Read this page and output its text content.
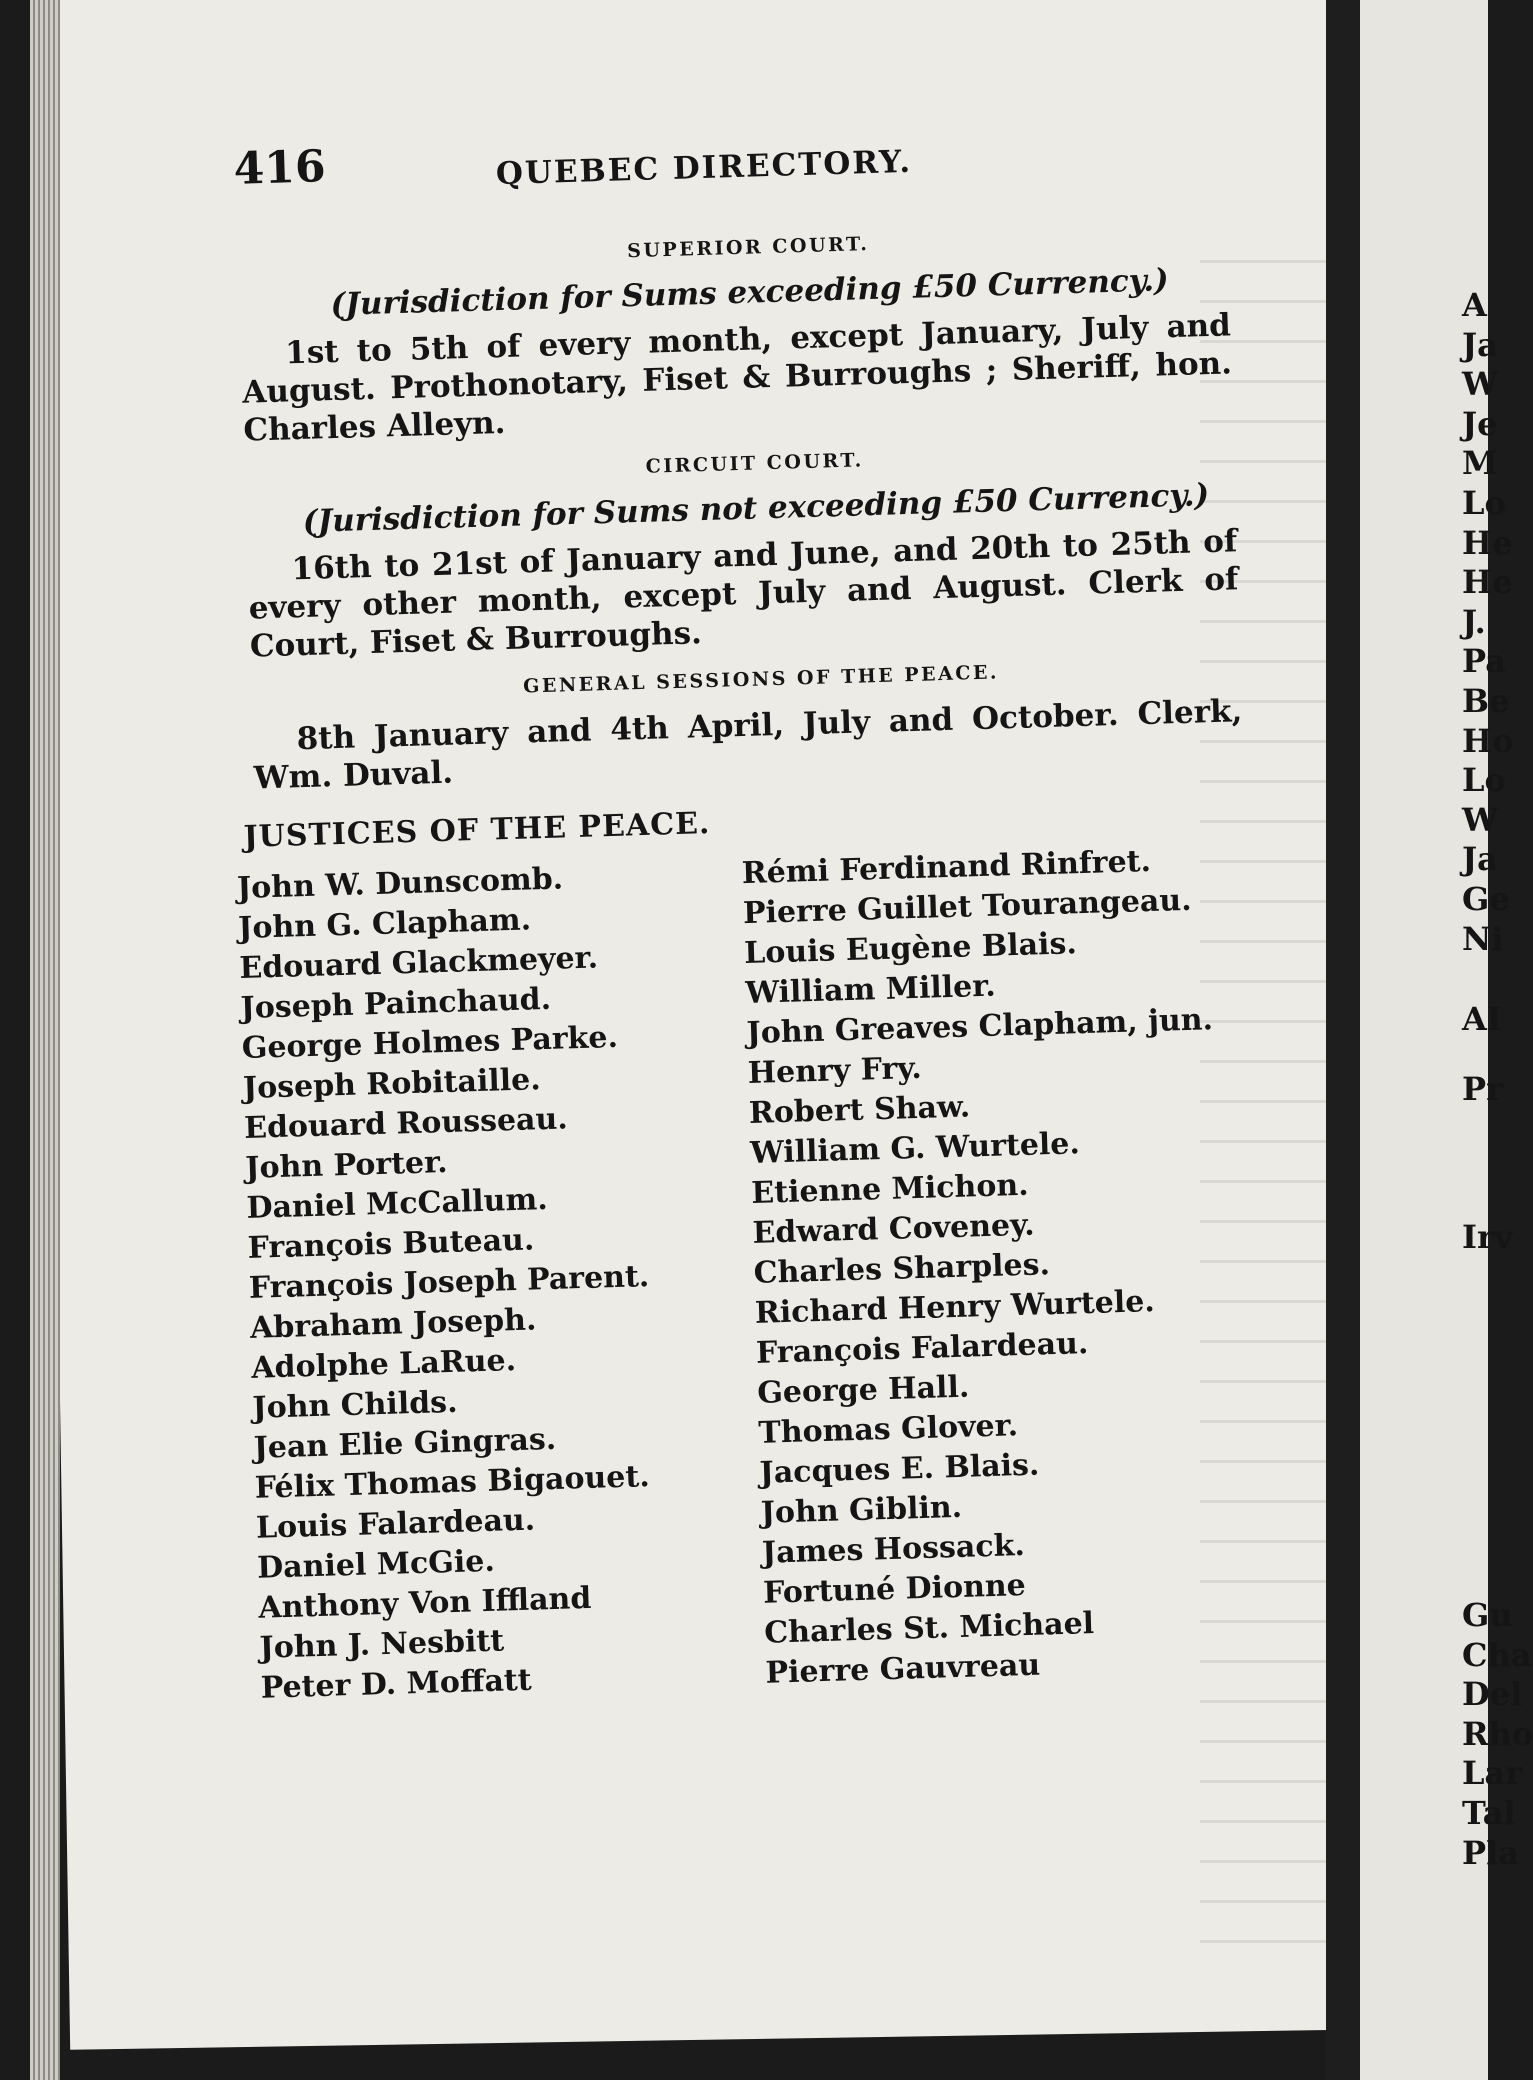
416	QUEBEC DIRECTORY.
SUPERIOR COURT.
(Jurisdiction for Sums exceeding £50 Currency.)
1st to 5th of every month, except January, July and August. Prothonotary, Fiset & Burroughs ; Sheriff, hon. Charles Alleyn.
CIRCUIT COURT.
(Jurisdiction for Sums not exceeding £50 Currency.)
16th to 21st of January and June, and 20th to 25th of every other month, except July and August. Clerk of Court, Fiset & Burroughs.
GENERAL SESSIONS OF THE PEACE.
8th January and 4th April, July and October. Clerk, Wm. Duval.
JUSTICES OF THE PEACE.
John W. Dunscomb.
John G. Clapham.
Edouard Glackmeyer.
Joseph Painchaud.
George Holmes Parke.
Joseph Robitaille.
Edouard Rousseau.
John Porter.
Daniel McCallum.
François Buteau.
François Joseph Parent.
Abraham Joseph.
Adolphe LaRue.
John Childs.
Jean Elie Gingras.
Félix Thomas Bigaouet.
Louis Falardeau.
Daniel McGie.
Anthony Von Iffland
John J. Nesbitt
Peter D. Moffatt
Rémi Ferdinand Rinfret.
Pierre Guillet Tourangeau.
Louis Eugène Blais.
William Miller.
John Greaves Clapham, jun.
Henry Fry.
Robert Shaw.
William G. Wurtele.
Etienne Michon.
Edward Coveney.
Charles Sharples.
Richard Henry Wurtele.
François Falardeau.
George Hall.
Thomas Glover.
Jacques E. Blais.
John Giblin.
James Hossack.
Fortuné Dionne
Charles St. Michael
Pierre Gauvreau
A
Ja
W
Je
M
Lo
He
He
J.
Pa
Be
Ho
Lo
W
Ja
Ge
Ni
AI
Pr
Irv
Gu
Cha
Del
Rho
Lar
Tal
Pla
